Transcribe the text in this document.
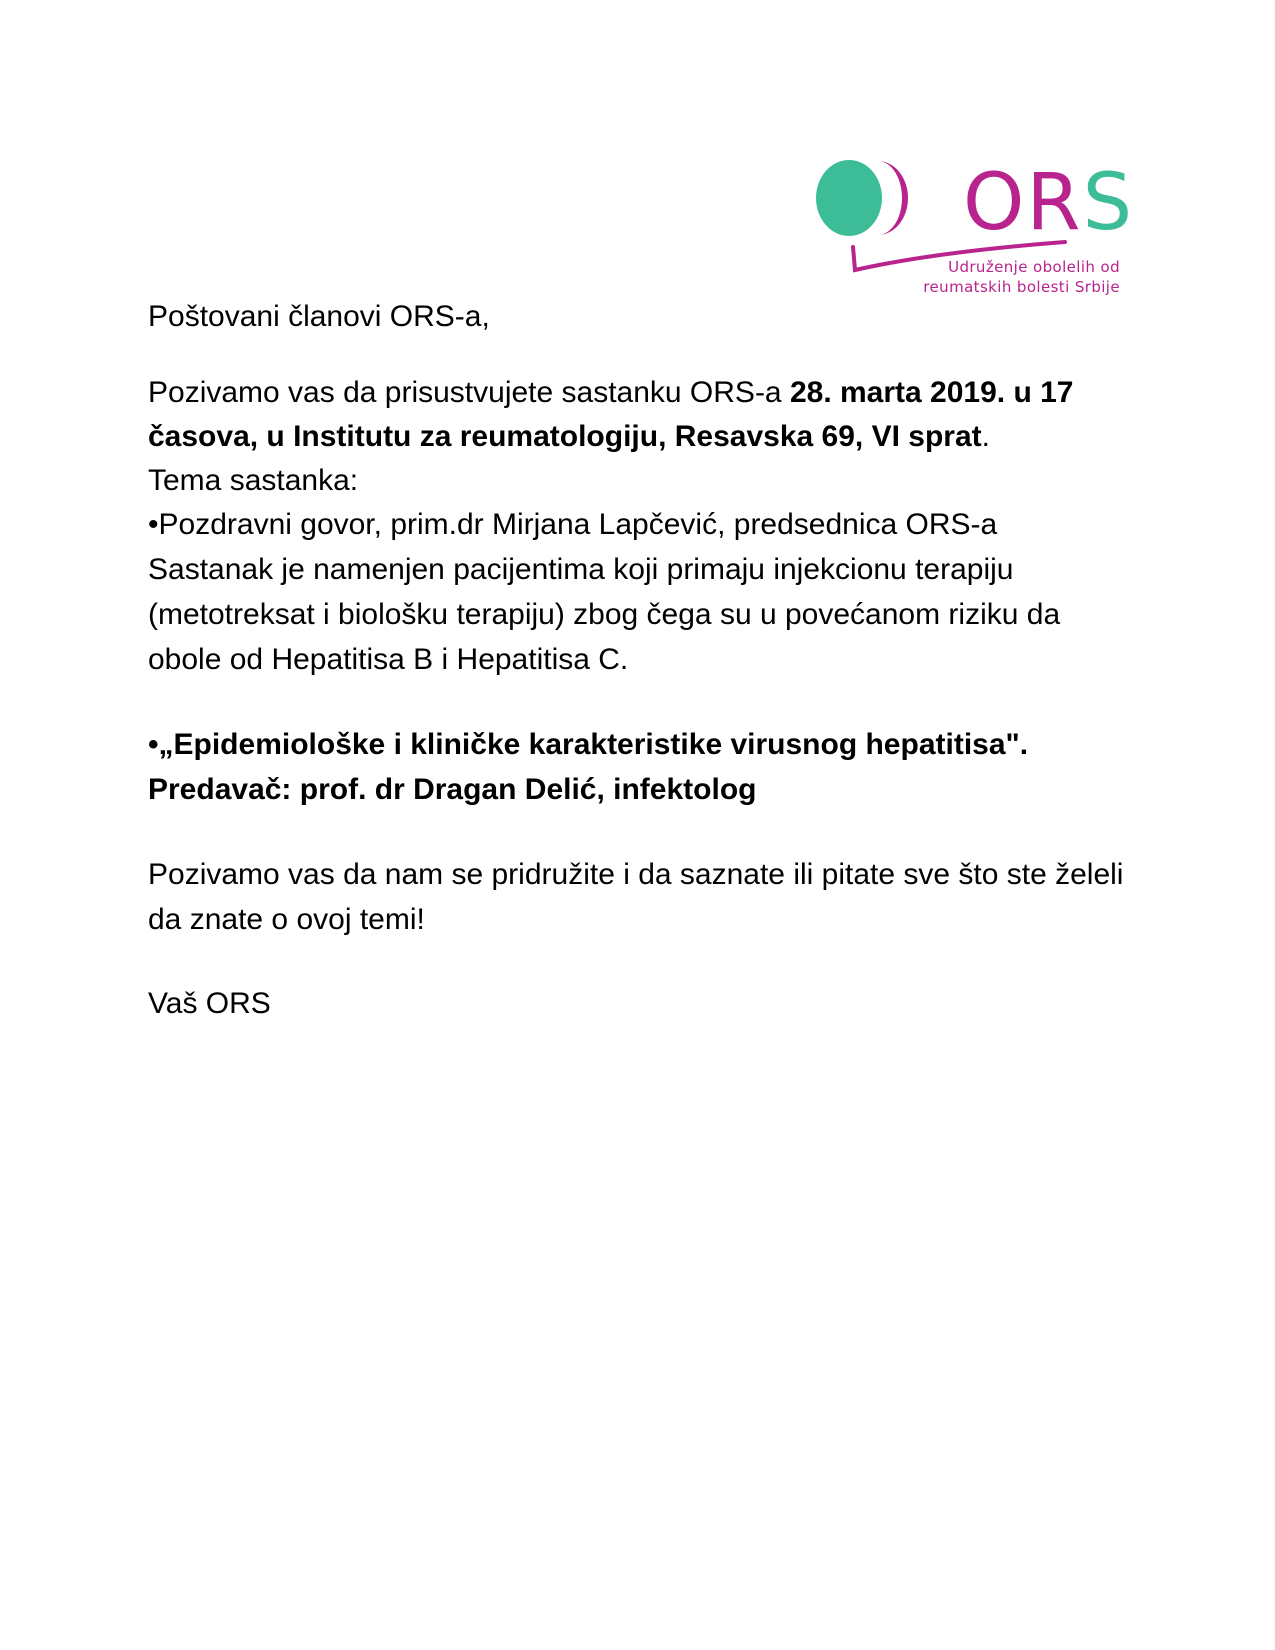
ORS
Udruženje obolelih od
reumatskih bolesti Srbije

Poštovani članovi ORS-a,

Pozivamo vas da prisustvujete sastanku ORS-a 28. marta 2019. u 17 časova, u Institutu za reumatologiju, Resavska 69, VI sprat.

Tema sastanka:

•Pozdravni govor, prim.dr Mirjana Lapčević, predsednica ORS-a

Sastanak je namenjen pacijentima koji primaju injekcionu terapiju (metotreksat i biološku terapiju) zbog čega su u povećanom riziku da obole od Hepatitisa B i Hepatitisa C.

•„Epidemiološke i kliničke karakteristike virusnog hepatitisa". Predavač: prof. dr Dragan Delić, infektolog

Pozivamo vas da nam se pridružite i da saznate ili pitate sve što ste želeli da znate o ovoj temi!

Vaš ORS
